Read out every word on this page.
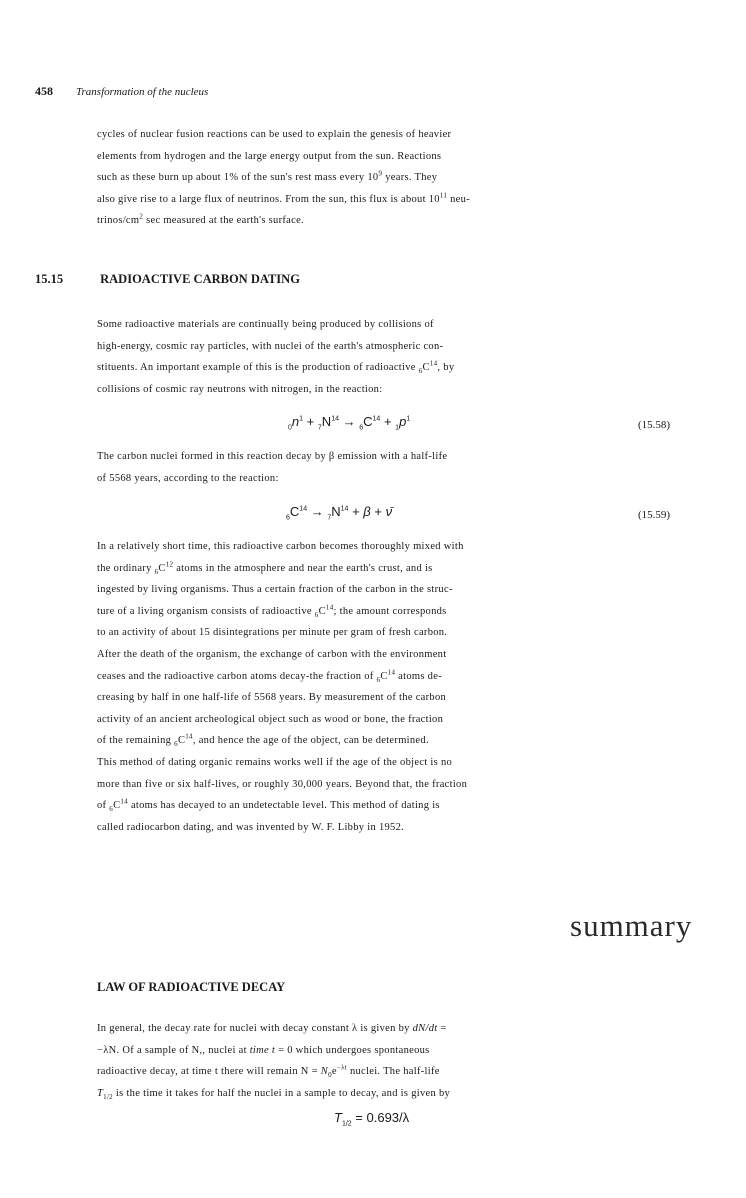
458 Transformation of the nucleus
cycles of nuclear fusion reactions can be used to explain the genesis of heavier
elements from hydrogen and the large energy output from the sun. Reactions
such as these burn up about 1% of the sun's rest mass every $10^9$ years. They
also give rise to a large flux of neutrinos. From the sun, this flux is about $10^{11}$ neu-
trinos/$cm^2$ sec measured at the earth's surface.
15.15	RADIOACTIVE CARBON DATING
Some radioactive materials are continually being produced by collisions of
high-energy, cosmic ray particles, with nuclei of the earth's atmospheric con-
stituents. An important example of this is the production of radioactive $_6C^{14}$, by
collisions of cosmic ray neutrons with nitrogen, in the reaction:
$_0n^1 + _7N^{14} \to _6C^{14} + _1p^1$	(15.58)
The carbon nuclei formed in this reaction decay by β emission with a half-life
of 5568 years, according to the reaction:
$_6C^{14} \to _7N^{14} + \beta$ + ν̄	(15.59)
In a relatively short time, this radioactive carbon becomes thoroughly mixed with
the ordinary $_6C^{12}$ atoms in the atmosphere and near the earth's crust, and is
ingested by living organisms. Thus a certain fraction of the carbon in the struc-
ture of a living organism consists of radioactive $_6C^{14}$; the amount corresponds
to an activity of about 15 disintegrations per minute per gram of fresh carbon.
After the death of the organism, the exchange of carbon with the environment
ceases and the radioactive carbon atoms decay-the fraction of $_6C^{14}$ atoms de-
creasing by half in one half-life of 5568 years. By measurement of the carbon
activity of an ancient archeological object such as wood or bone, the fraction
of the remaining $_6C^{14}$, and hence the age of the object, can be determined.
This method of dating organic remains works well if the age of the object is no
more than five or six half-lives, or roughly 30,000 years. Beyond that, the fraction
of $_6C^{14}$ atoms has decayed to an undetectable level. This method of dating is
called radiocarbon dating, and was invented by W. F. Libby in 1952.
summary
LAW OF RADIOACTIVE DECAY
In general, the decay rate for nuclei with decay constant λ is given by dN/dt =
−λN. Of a sample of N,, nuclei at time t = 0 which undergoes spontaneous
radioactive decay, at time t there will remain $N = N_0e^{-\lambda t}$ nuclei. The half-life
$T_{1/2}$ is the time it takes for half the nuclei in a sample to decay, and is given by
$T_{1/2} = 0.693/\lambda$
